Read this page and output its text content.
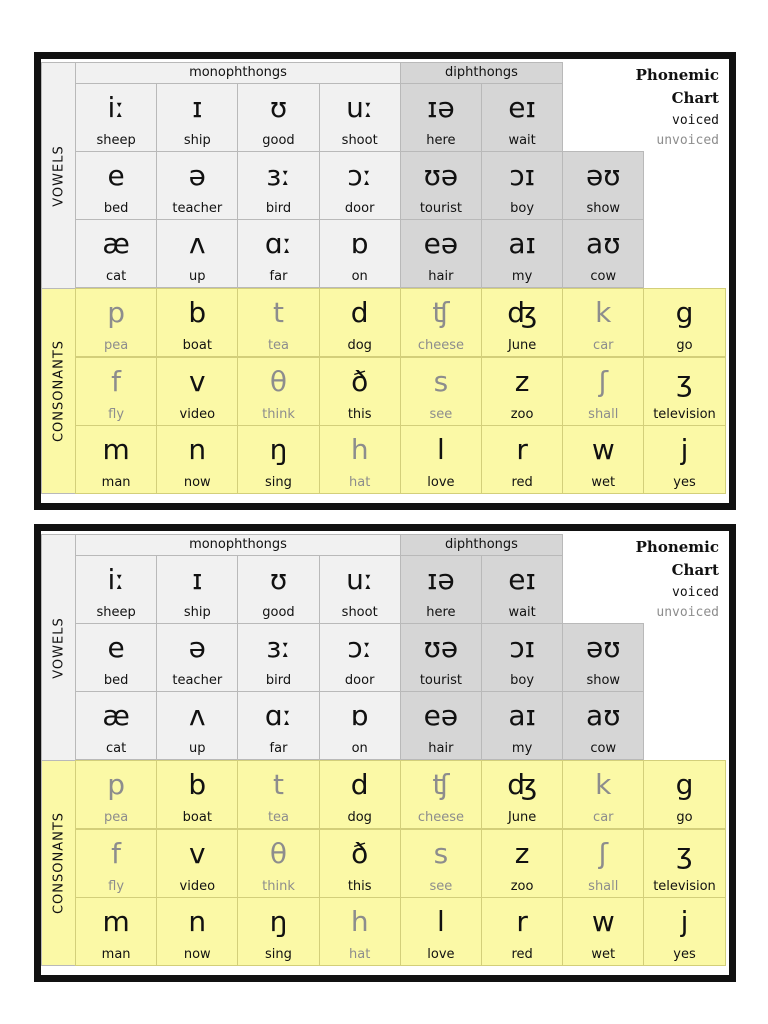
monophthongs	diphthongs
VOWELS
CONSONANTS
Phonemic
Chart
voiced
unvoiced
iː
sheep
ɪ
ship
ʊ
good
uː
shoot
ɪə
here
eɪ
wait
e
bed
ə
teacher
ɜː
bird
ɔː
door
ʊə
tourist
ɔɪ
boy
əʊ
show
æ
cat
ʌ
up
ɑː
far
ɒ
on
eə
hair
aɪ
my
aʊ
cow
p
pea
b
boat
t
tea
d
dog
ʧ
cheese
ʤ
June
k
car
g
go
f
fly
v
video
θ
think
ð
this
s
see
z
zoo
ʃ
shall
ʒ
television
m
man
n
now
ŋ
sing
h
hat
l
love
r
red
w
wet
j
yes
monophthongs	diphthongs
VOWELS
CONSONANTS
Phonemic
Chart
voiced
unvoiced
iː
sheep
ɪ
ship
ʊ
good
uː
shoot
ɪə
here
eɪ
wait
e
bed
ə
teacher
ɜː
bird
ɔː
door
ʊə
tourist
ɔɪ
boy
əʊ
show
æ
cat
ʌ
up
ɑː
far
ɒ
on
eə
hair
aɪ
my
aʊ
cow
p
pea
b
boat
t
tea
d
dog
ʧ
cheese
ʤ
June
k
car
g
go
f
fly
v
video
θ
think
ð
this
s
see
z
zoo
ʃ
shall
ʒ
television
m
man
n
now
ŋ
sing
h
hat
l
love
r
red
w
wet
j
yes
